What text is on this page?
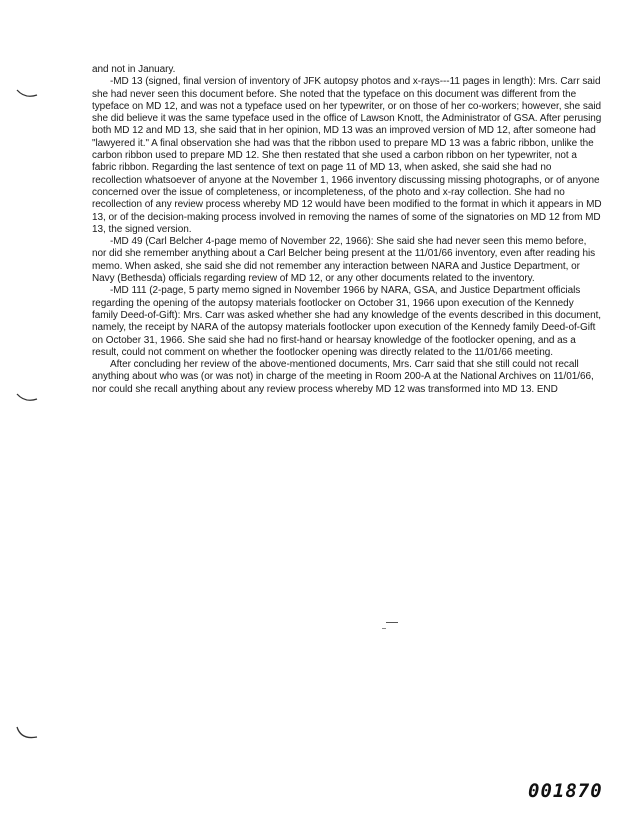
and not in January.

-MD 13 (signed, final version of inventory of JFK autopsy photos and x-rays---11 pages in length): Mrs. Carr said she had never seen this document before. She noted that the typeface on this document was different from the typeface on MD 12, and was not a typeface used on her typewriter, or on those of her co-workers; however, she said she did believe it was the same typeface used in the office of Lawson Knott, the Administrator of GSA. After perusing both MD 12 and MD 13, she said that in her opinion, MD 13 was an improved version of MD 12, after someone had "lawyered it." A final observation she had was that the ribbon used to prepare MD 13 was a fabric ribbon, unlike the carbon ribbon used to prepare MD 12. She then restated that she used a carbon ribbon on her typewriter, not a fabric ribbon. Regarding the last sentence of text on page 11 of MD 13, when asked, she said she had no recollection whatsoever of anyone at the November 1, 1966 inventory discussing missing photographs, or of anyone concerned over the issue of completeness, or incompleteness, of the photo and x-ray collection. She had no recollection of any review process whereby MD 12 would have been modified to the format in which it appears in MD 13, or of the decision-making process involved in removing the names of some of the signatories on MD 12 from MD 13, the signed version.

-MD 49 (Carl Belcher 4-page memo of November 22, 1966): She said she had never seen this memo before, nor did she remember anything about a Carl Belcher being present at the 11/01/66 inventory, even after reading his memo. When asked, she said she did not remember any interaction between NARA and Justice Department, or Navy (Bethesda) officials regarding review of MD 12, or any other documents related to the inventory.

-MD 111 (2-page, 5 party memo signed in November 1966 by NARA, GSA, and Justice Department officials regarding the opening of the autopsy materials footlocker on October 31, 1966 upon execution of the Kennedy family Deed-of-Gift): Mrs. Carr was asked whether she had any knowledge of the events described in this document, namely, the receipt by NARA of the autopsy materials footlocker upon execution of the Kennedy family Deed-of-Gift on October 31, 1966. She said she had no first-hand or hearsay knowledge of the footlocker opening, and as a result, could not comment on whether the footlocker opening was directly related to the 11/01/66 meeting.

After concluding her review of the above-mentioned documents, Mrs. Carr said that she still could not recall anything about who was (or was not) in charge of the meeting in Room 200-A at the National Archives on 11/01/66, nor could she recall anything about any review process whereby MD 12 was transformed into MD 13. END

001870
